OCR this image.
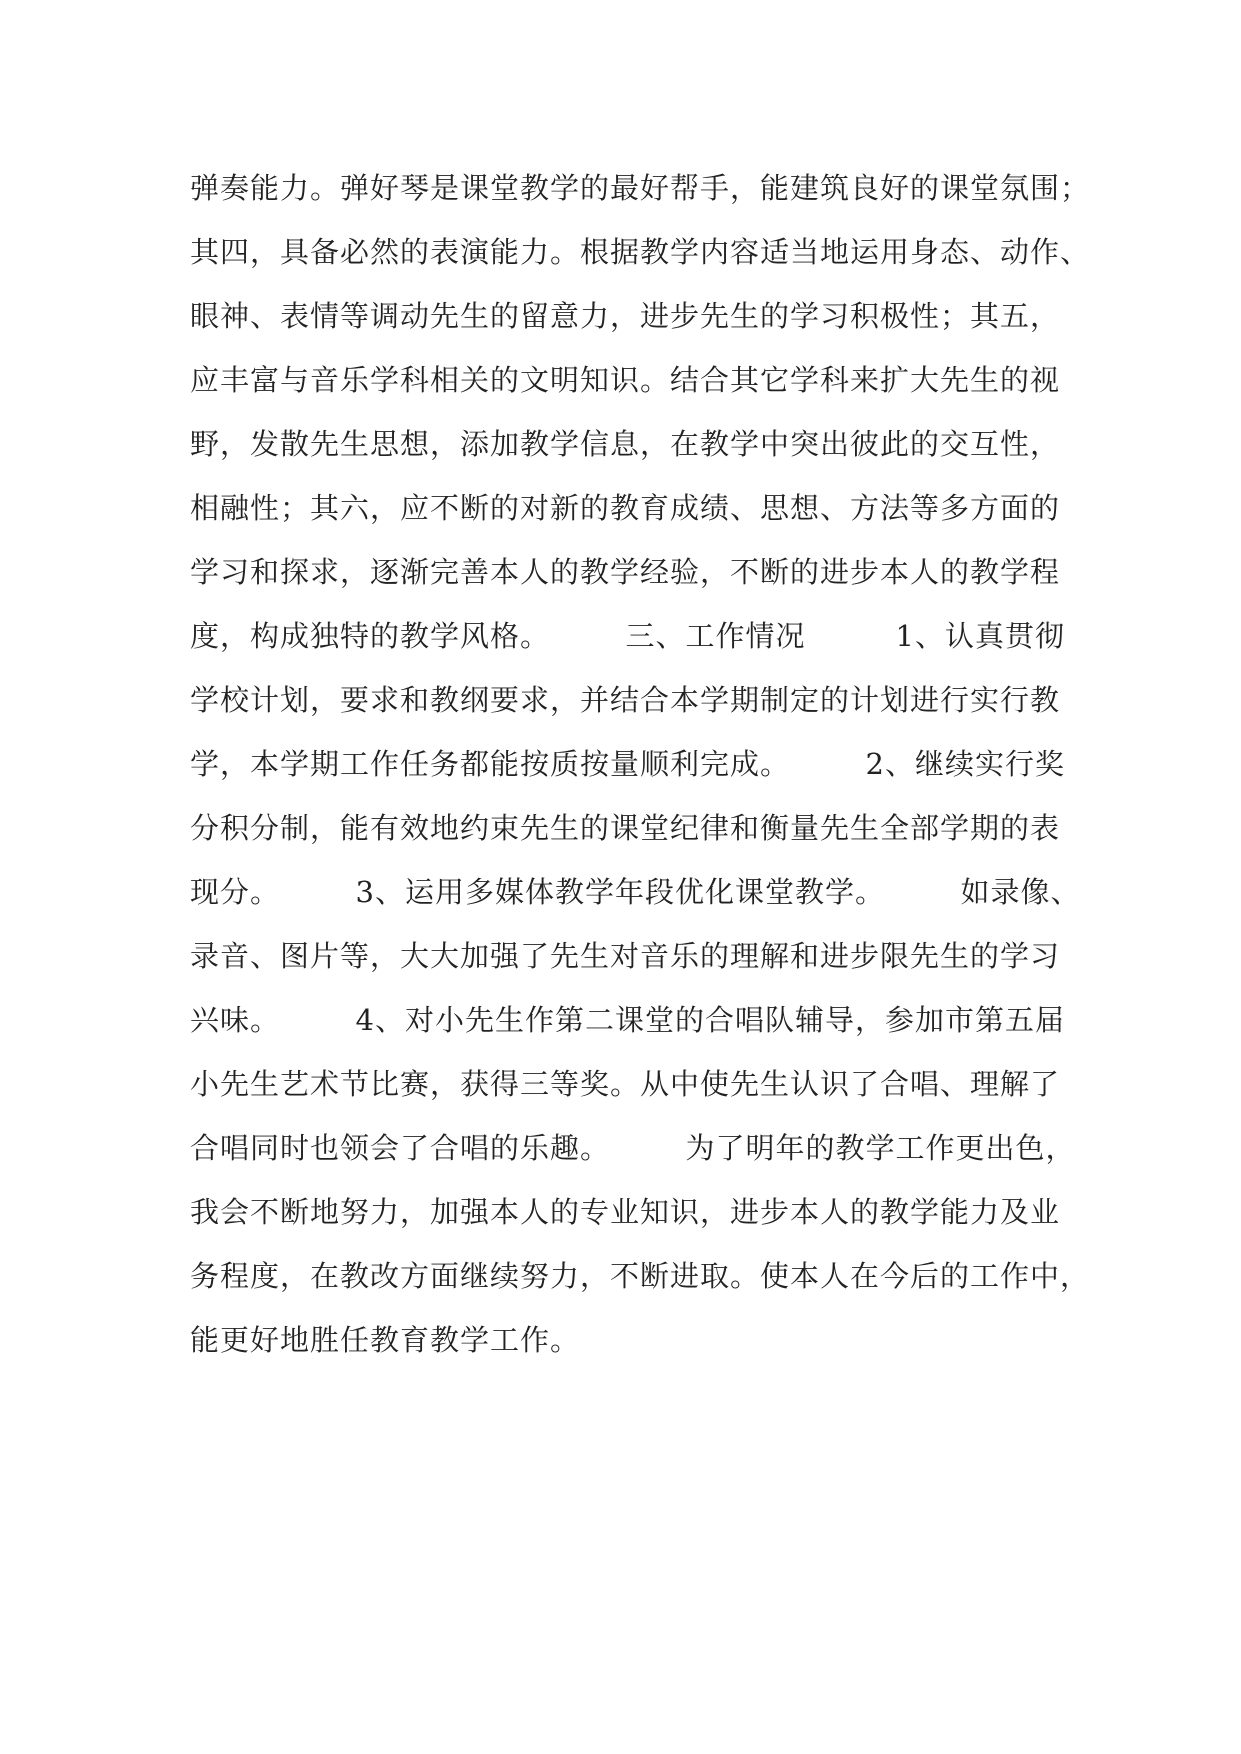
弹奏能力。弹好琴是课堂教学的最好帮手，能建筑良好的课堂氛围；
其四，具备必然的表演能力。根据教学内容适当地运用身态、动作、
眼神、表情等调动先生的留意力，进步先生的学习积极性；其五，
应丰富与音乐学科相关的文明知识。结合其它学科来扩大先生的视
野，发散先生思想，添加教学信息，在教学中突出彼此的交互性，
相融性；其六，应不断的对新的教育成绩、思想、方法等多方面的
学习和探求，逐渐完善本人的教学经验，不断的进步本人的教学程
度，构成独特的教学风格。　　　三、工作情况　　　1、认真贯彻
学校计划，要求和教纲要求，并结合本学期制定的计划进行实行教
学，本学期工作任务都能按质按量顺利完成。　　　2、继续实行奖
分积分制，能有效地约束先生的课堂纪律和衡量先生全部学期的表
现分。　　　3、运用多媒体教学年段优化课堂教学。　　　如录像、
录音、图片等，大大加强了先生对音乐的理解和进步限先生的学习
兴味。　　　4、对小先生作第二课堂的合唱队辅导，参加市第五届
小先生艺术节比赛，获得三等奖。从中使先生认识了合唱、理解了
合唱同时也领会了合唱的乐趣。　　　为了明年的教学工作更出色，
我会不断地努力，加强本人的专业知识，进步本人的教学能力及业
务程度，在教改方面继续努力，不断进取。使本人在今后的工作中，
能更好地胜任教育教学工作。
